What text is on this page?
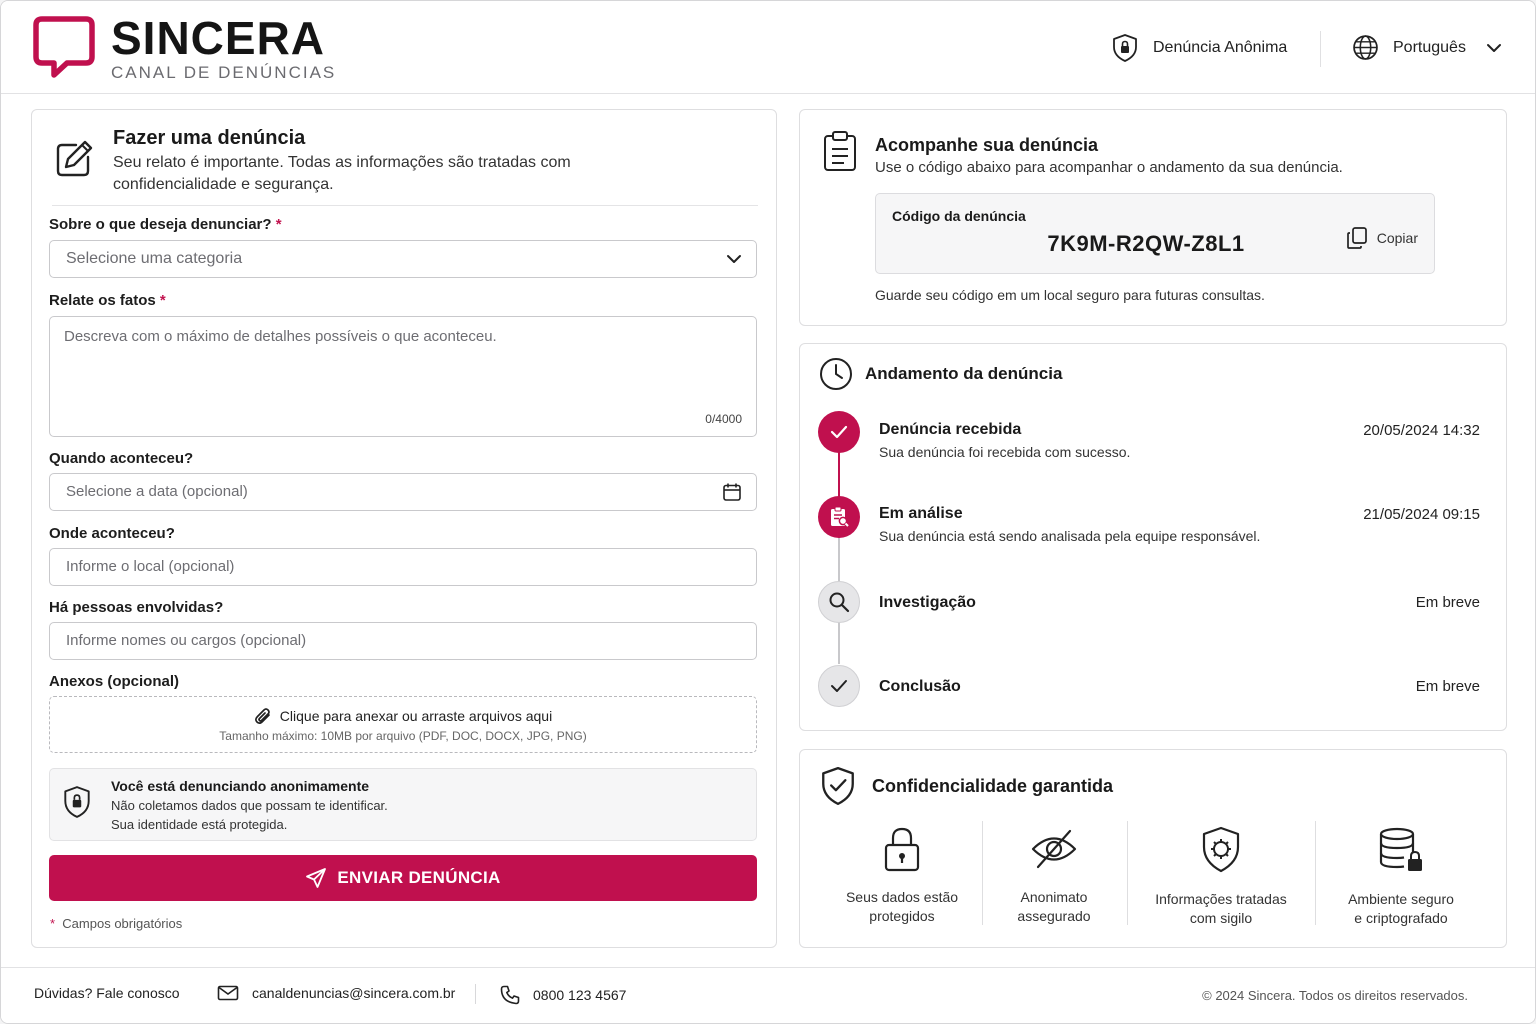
SINCERA
CANAL DE DENÚNCIAS
Denúncia Anônima	Português
Fazer uma denúncia
Seu relato é importante. Todas as informações são tratadas com confidencialidade e segurança.
Sobre o que deseja denunciar? *
Selecione uma categoria
Relate os fatos *
Descreva com o máximo de detalhes possíveis o que aconteceu.
0/4000
Quando aconteceu?
Selecione a data (opcional)
Onde aconteceu?
Informe o local (opcional)
Há pessoas envolvidas?
Informe nomes ou cargos (opcional)
Anexos (opcional)
Clique para anexar ou arraste arquivos aqui
Tamanho máximo: 10MB por arquivo (PDF, DOC, DOCX, JPG, PNG)
Você está denunciando anonimamente
Não coletamos dados que possam te identificar.
Sua identidade está protegida.
ENVIAR DENÚNCIA
* Campos obrigatórios
Acompanhe sua denúncia
Use o código abaixo para acompanhar o andamento da sua denúncia.
Código da denúncia
7K9M-R2QW-Z8L1	Copiar
Guarde seu código em um local seguro para futuras consultas.
Andamento da denúncia
Denúncia recebida
Sua denúncia foi recebida com sucesso.
20/05/2024 14:32
Em análise
Sua denúncia está sendo analisada pela equipe responsável.
21/05/2024 09:15
Investigação	Em breve
Conclusão	Em breve
Confidencialidade garantida
Seus dados estão
protegidos
Anonimato
assegurado
Informações tratadas
com sigilo
Ambiente seguro
e criptografado
Dúvidas? Fale conosco	canaldenuncias@sincera.com.br	0800 123 4567	© 2024 Sincera. Todos os direitos reservados.
